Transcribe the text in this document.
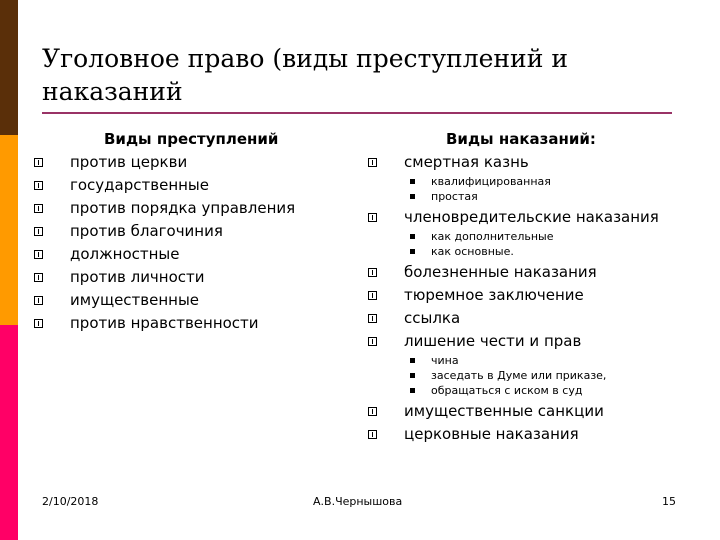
Уголовное право (виды преступлений и наказаний
Виды преступлений
против церкви
государственные
против порядка управления
против благочиния
должностные
против личности
имущественные
против нравственности
Виды наказаний:
смертная казнь
квалифицированная
простая
членовредительские наказания
как дополнительные
как основные.
болезненные наказания
тюремное заключение
ссылка
лишение чести и прав
чина
заседать в Думе или приказе,
обращаться с иском в суд
имущественные санкции
церковные наказания
2/10/2018	А.В.Чернышова	15
